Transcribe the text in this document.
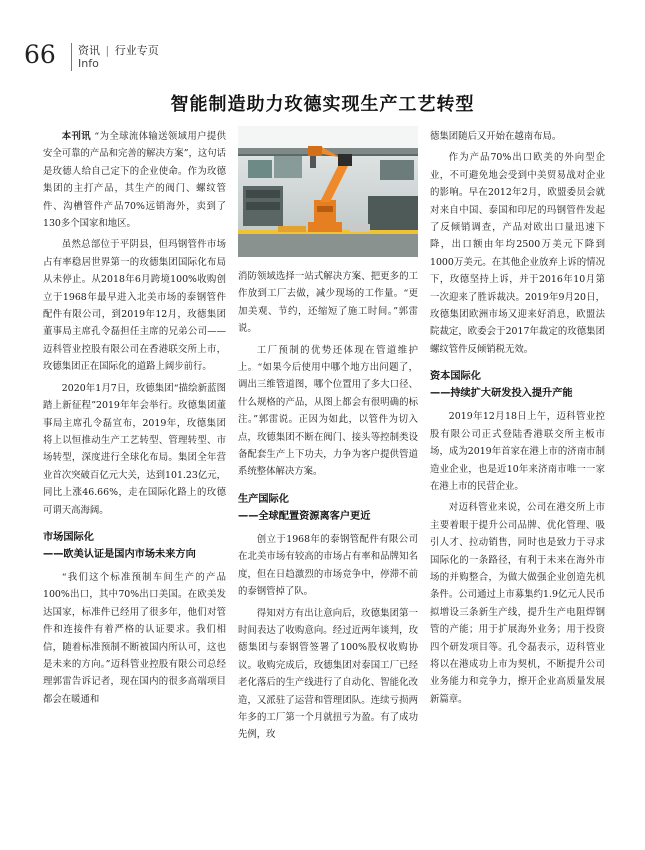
66 资讯 | 行业专页
Info
智能制造助力玫德实现生产工艺转型

本刊讯 “为全球流体输送领域用户提供安全可靠的产品和完善的解决方案”，这句话是玫德人给自己定下的企业使命。作为玫德集团的主打产品，其生产的阀门、螺纹管件、沟槽管件产品70%远销海外，卖到了130多个国家和地区。

虽然总部位于平阴县，但玛钢管件市场占有率稳居世界第一的玫德集团国际化布局从未停止。从2018年6月跨境100%收购创立于1968年最早进入北美市场的泰钢管件配件有限公司，到2019年12月，玫德集团董事局主席孔令磊担任主席的兄弟公司——迈科管业控股有限公司在香港联交所上市，玫德集团正在国际化的道路上阔步前行。

2020年1月7日，玫德集团“描绘新蓝图 踏上新征程”2019年年会举行。玫德集团董事局主席孔令磊宣布，2019年，玫德集团将上以恒推动生产工艺转型、管理转型、市场转型，深度进行全球化布局。集团全年营业首次突破百亿元大关，达到101.23亿元，同比上涨46.66%，走在国际化路上的玫德可谓天高海阔。

市场国际化
——欧美认证是国内市场未来方向

“我们这个标准预制车间生产的产品100%出口，其中70%出口美国。在欧美发达国家，标准件已经用了很多年，他们对管件和连接件有着严格的认证要求。我们相信，随着标准预制不断被国内所认可，这也是未来的方向。”迈科管业控股有限公司总经理郭雷告诉记者，现在国内的很多高端项目都会在暖通和

消防领域选择一站式解决方案、把更多的工作放到工厂去做，减少现场的工作量。“更加美观、节约，还缩短了施工时间。”郭雷说。

工厂预制的优势还体现在管道维护上。“如果今后使用中哪个地方出问题了，调出三维管道图，哪个位置用了多大口径、什么规格的产品，从图上都会有很明确的标注。”郭雷说。正因为如此，以管件为切入点，玫德集团不断在阀门、接头等控制类设备配套生产上下功夫，力争为客户提供管道系统整体解决方案。

生产国际化
——全球配置资源离客户更近

创立于1968年的泰钢管配件有限公司在北美市场有较高的市场占有率和品牌知名度，但在日趋激烈的市场竞争中，停滞不前的泰钢管掉了队。

得知对方有出让意向后，玫德集团第一时间表达了收购意向。经过近两年谈判，玫德集团与泰钢管签署了100%股权收购协议。收购完成后，玫德集团对泰国工厂已经老化落后的生产线进行了自动化、智能化改造，又派驻了运营和管理团队。连续亏损两年多的工厂第一个月就扭亏为盈。有了成功先例，玫

德集团随后又开始在越南布局。

作为产品70%出口欧美的外向型企业，不可避免地会受到中美贸易战对企业的影响。早在2012年2月，欧盟委员会就对来自中国、泰国和印尼的玛钢管件发起了反倾销调查，产品对欧出口量迅速下降，出口额由年均2500万美元下降到1000万美元。在其他企业放弃上诉的情况下，玫德坚持上诉，并于2016年10月第一次迎来了胜诉裁决。2019年9月20日，玫德集团欧洲市场又迎来好消息，欧盟法院裁定，欧委会于2017年裁定的玫德集团螺纹管件反倾销税无效。

资本国际化
——持续扩大研发投入提升产能

2019年12月18日上午，迈科管业控股有限公司正式登陆香港联交所主板市场，成为2019年首家在港上市的济南市制造业企业，也是近10年来济南市唯一一家在港上市的民营企业。

对迈科管业来说，公司在港交所上市主要着眼于提升公司品牌、优化管理、吸引人才、拉动销售，同时也是致力于寻求国际化的一条路径，有利于未来在海外市场的并购整合，为做大做强企业创造先机条件。公司通过上市募集约1.9亿元人民币拟增设三条新生产线，提升生产电阻焊钢管的产能；用于扩展海外业务；用于投资四个研发项目等。孔令磊表示，迈科管业将以在港成功上市为契机，不断提升公司业务能力和竞争力，擦开企业高质量发展新篇章。
